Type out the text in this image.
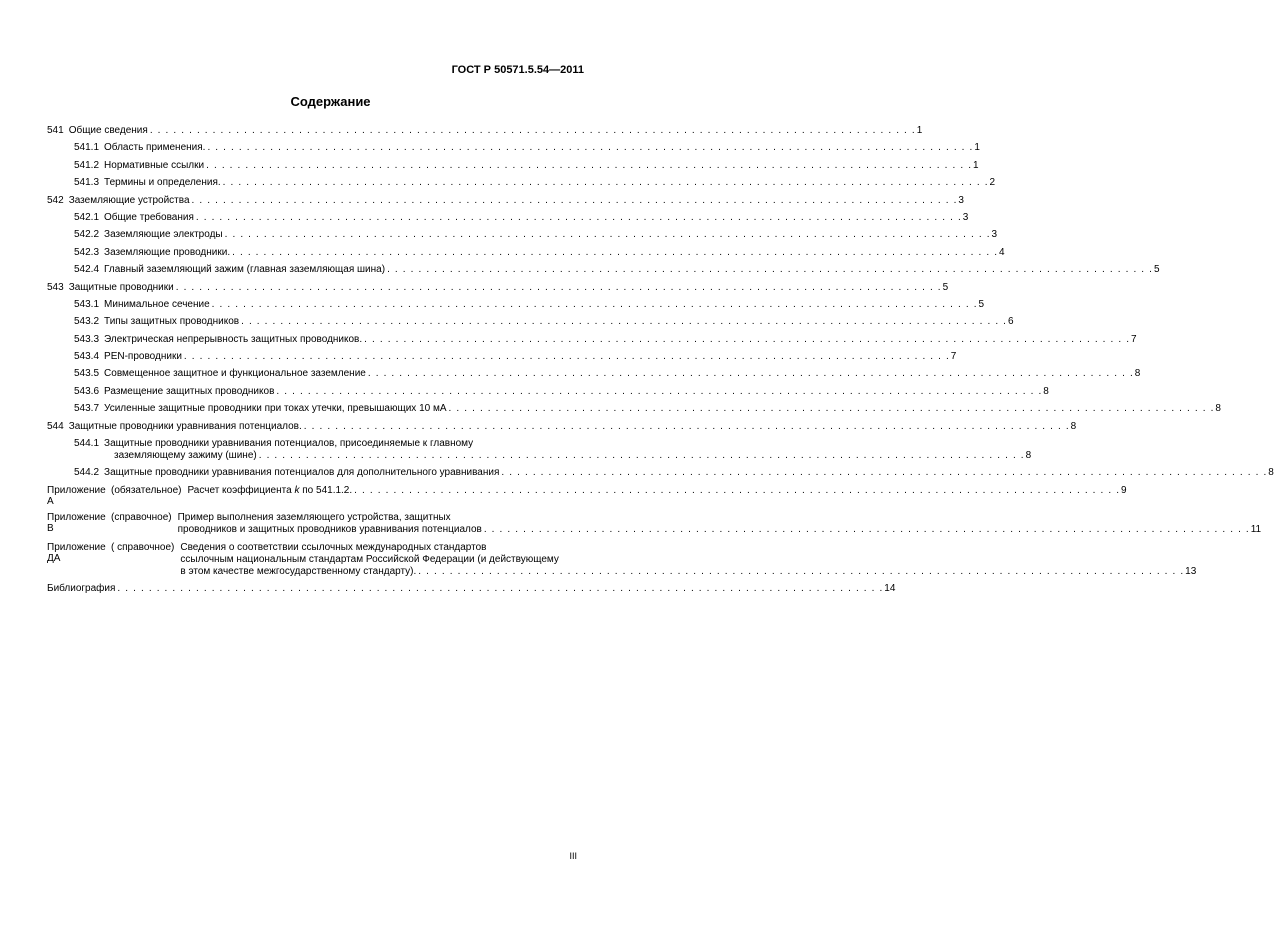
ГОСТ Р 50571.5.54—2011
Содержание
541 Общие сведения . . .	1
541.1 Область применения. . . .	1
541.2 Нормативные ссылки . . .	1
541.3 Термины и определения. . . .	2
542 Заземляющие устройства . . .	3
542.1 Общие требования . . .	3
542.2 Заземляющие электроды . . .	3
542.3 Заземляющие проводники. . . .	4
542.4 Главный заземляющий зажим (главная заземляющая шина) . . .	5
543 Защитные проводники . . .	5
543.1 Минимальное сечение . . .	5
543.2 Типы защитных проводников . . .	6
543.3 Электрическая непрерывность защитных проводников. . . .	7
543.4 PEN-проводники . . .	7
543.5 Совмещенное защитное и функциональное заземление . . .	8
543.6 Размещение защитных проводников . . .	8
543.7 Усиленные защитные проводники при токах утечки, превышающих 10 мА . . .	8
544 Защитные проводники уравнивания потенциалов. . . .	8
544.1 Защитные проводники уравнивания потенциалов, присоединяемые к главному
заземляющему зажиму (шине) . . .	8
544.2 Защитные проводники уравнивания потенциалов для дополнительного уравнивания . . .	8
Приложение А
(обязательное) Расчет коэффициента k по 541.1.2. . . .	9
Приложение В
(справочное) Пример выполнения заземляющего устройства, защитных
проводников и защитных проводников уравнивания потенциалов . . .	11
Приложение ДА
( справочное) Сведения о соответствии ссылочных международных стандартов
ссылочным национальным стандартам Российской Федерации (и действующему
в этом качестве межгосударственному стандарту). . . .	13
Библиография . . .	14
III
